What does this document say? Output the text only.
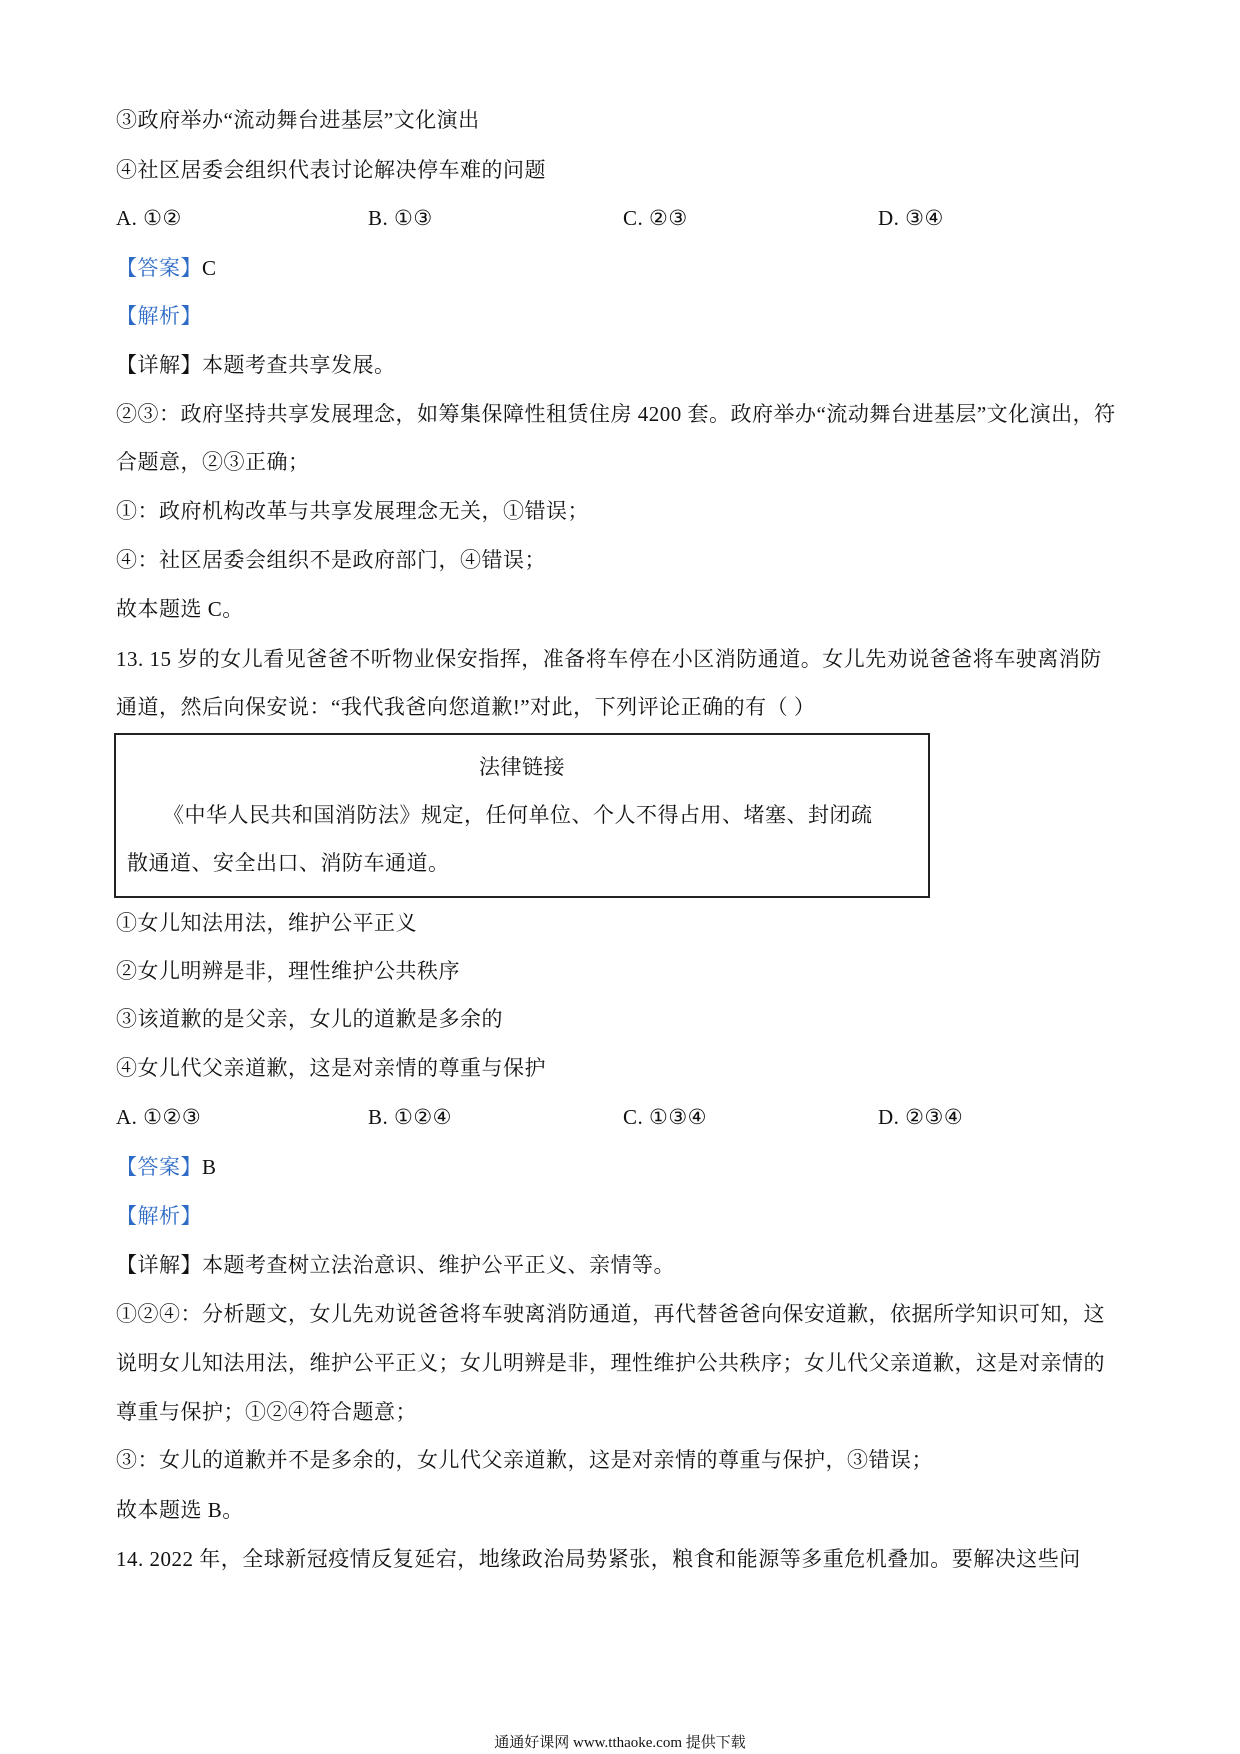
③政府举办“流动舞台进基层”文化演出
④社区居委会组织代表讨论解决停车难的问题
A. ①②	B. ①③	C. ②③	D. ③④
【答案】C
【解析】
【详解】本题考查共享发展。
②③：政府坚持共享发展理念，如筹集保障性租赁住房 4200 套。政府举办“流动舞台进基层”文化演出，符
合题意，②③正确；
①：政府机构改革与共享发展理念无关，①错误；
④：社区居委会组织不是政府部门，④错误；
故本题选 C。
13. 15 岁的女儿看见爸爸不听物业保安指挥，准备将车停在小区消防通道。女儿先劝说爸爸将车驶离消防
通道，然后向保安说：“我代我爸向您道歉!”对此，下列评论正确的有（ ）
法律链接
《中华人民共和国消防法》规定，任何单位、个人不得占用、堵塞、封闭疏
散通道、安全出口、消防车通道。
①女儿知法用法，维护公平正义
②女儿明辨是非，理性维护公共秩序
③该道歉的是父亲，女儿的道歉是多余的
④女儿代父亲道歉，这是对亲情的尊重与保护
A. ①②③	B. ①②④	C. ①③④	D. ②③④
【答案】B
【解析】
【详解】本题考查树立法治意识、维护公平正义、亲情等。
①②④：分析题文，女儿先劝说爸爸将车驶离消防通道，再代替爸爸向保安道歉，依据所学知识可知，这
说明女儿知法用法，维护公平正义；女儿明辨是非，理性维护公共秩序；女儿代父亲道歉，这是对亲情的
尊重与保护；①②④符合题意；
③：女儿的道歉并不是多余的，女儿代父亲道歉，这是对亲情的尊重与保护，③错误；
故本题选 B。
14. 2022 年，全球新冠疫情反复延宕，地缘政治局势紧张，粮食和能源等多重危机叠加。要解决这些问
通通好课网 www.tthaoke.com 提供下载
